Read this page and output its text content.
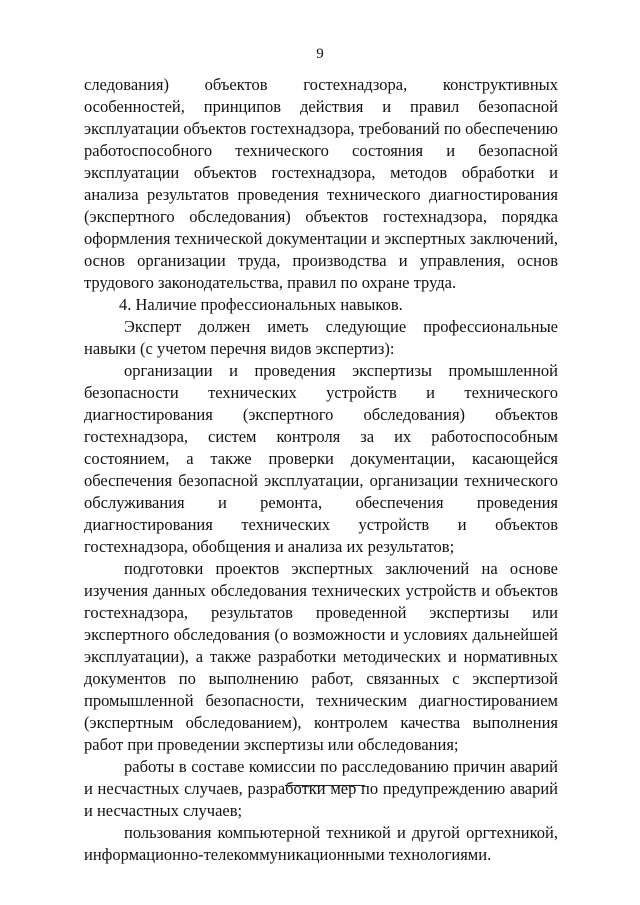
9

следования) объектов гостехнадзора, конструктивных особенностей, принципов действия и правил безопасной эксплуатации объектов гостехнадзора, требований по обеспечению работоспособного технического состояния и безопасной эксплуатации объектов гостехнадзора, методов обработки и анализа результатов проведения технического диагностирования (экспертного обследования) объектов гостехнадзора, порядка оформления технической документации и экспертных заключений, основ организации труда, производства и управления, основ трудового законодательства, правил по охране труда.

4. Наличие профессиональных навыков.

Эксперт должен иметь следующие профессиональные навыки (с учетом перечня видов экспертиз):

организации и проведения экспертизы промышленной безопасности технических устройств и технического диагностирования (экспертного обследования) объектов гостехнадзора, систем контроля за их работоспособным состоянием, а также проверки документации, касающейся обеспечения безопасной эксплуатации, организации технического обслуживания и ремонта, обеспечения проведения диагностирования технических устройств и объектов гостехнадзора, обобщения и анализа их результатов;

подготовки проектов экспертных заключений на основе изучения данных обследования технических устройств и объектов гостехнадзора, результатов проведенной экспертизы или экспертного обследования (о возможности и условиях дальнейшей эксплуатации), а также разработки методических и нормативных документов по выполнению работ, связанных с экспертизой промышленной безопасности, техническим диагностированием (экспертным обследованием), контролем качества выполнения работ при проведении экспертизы или обследования;

работы в составе комиссии по расследованию причин аварий и несчастных случаев, разработки мер по предупреждению аварий и несчастных случаев;

пользования компьютерной техникой и другой оргтехникой, информационно-телекоммуникационными технологиями.
